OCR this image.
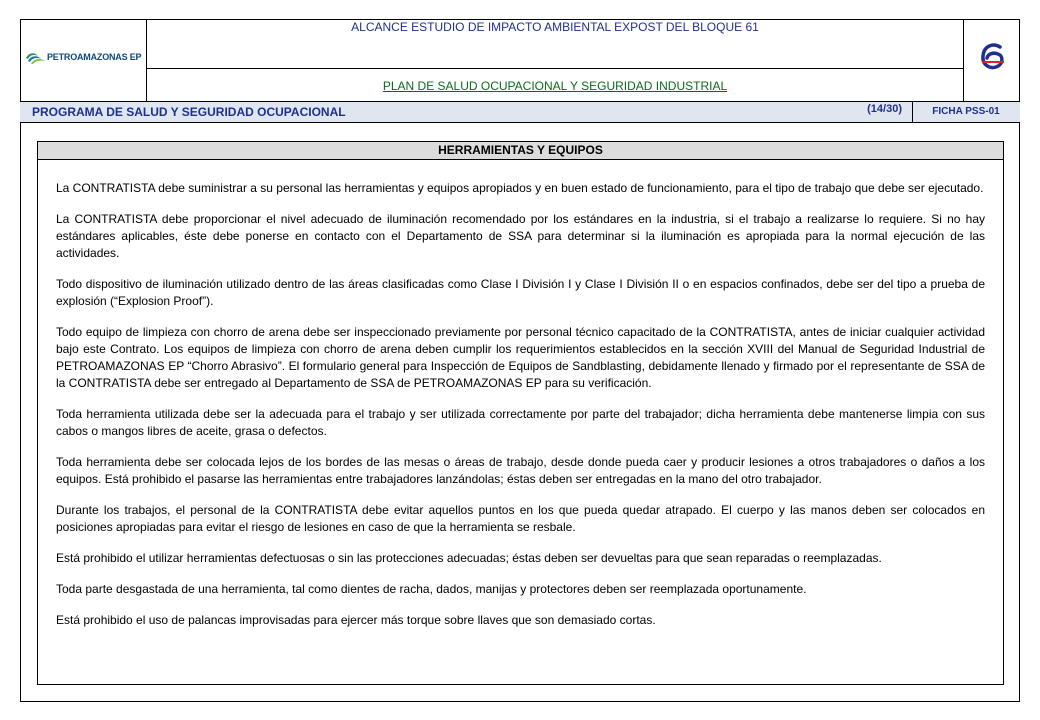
PETROAMAZONAS EP
ALCANCE ESTUDIO DE IMPACTO AMBIENTAL EXPOST DEL BLOQUE 61
PLAN DE SALUD OCUPACIONAL Y SEGURIDAD INDUSTRIAL
PROGRAMA DE SALUD Y SEGURIDAD OCUPACIONAL	(14/30)	FICHA PSS-01
HERRAMIENTAS Y EQUIPOS

La CONTRATISTA debe suministrar a su personal las herramientas y equipos apropiados y en buen estado de funcionamiento, para el tipo de trabajo que debe ser ejecutado.

La CONTRATISTA debe proporcionar el nivel adecuado de iluminación recomendado por los estándares en la industria, si el trabajo a realizarse lo requiere. Si no hay estándares aplicables, éste debe ponerse en contacto con el Departamento de SSA para determinar si la iluminación es apropiada para la normal ejecución de las actividades.

Todo dispositivo de iluminación utilizado dentro de las áreas clasificadas como Clase I División I y Clase I División II o en espacios confinados, debe ser del tipo a prueba de explosión (“Explosion Proof”).

Todo equipo de limpieza con chorro de arena debe ser inspeccionado previamente por personal técnico capacitado de la CONTRATISTA, antes de iniciar cualquier actividad bajo este Contrato. Los equipos de limpieza con chorro de arena deben cumplir los requerimientos establecidos en la sección XVIII del Manual de Seguridad Industrial de PETROAMAZONAS EP “Chorro Abrasivo”. El formulario general para Inspección de Equipos de Sandblasting, debidamente llenado y firmado por el representante de SSA de la CONTRATISTA debe ser entregado al Departamento de SSA de PETROAMAZONAS EP para su verificación.

Toda herramienta utilizada debe ser la adecuada para el trabajo y ser utilizada correctamente por parte del trabajador; dicha herramienta debe mantenerse limpia con sus cabos o mangos libres de aceite, grasa o defectos.

Toda herramienta debe ser colocada lejos de los bordes de las mesas o áreas de trabajo, desde donde pueda caer y producir lesiones a otros trabajadores o daños a los equipos. Está prohibido el pasarse las herramientas entre trabajadores lanzándolas; éstas deben ser entregadas en la mano del otro trabajador.

Durante los trabajos, el personal de la CONTRATISTA debe evitar aquellos puntos en los que pueda quedar atrapado. El cuerpo y las manos deben ser colocados en posiciones apropiadas para evitar el riesgo de lesiones en caso de que la herramienta se resbale.

Está prohibido el utilizar herramientas defectuosas o sin las protecciones adecuadas; éstas deben ser devueltas para que sean reparadas o reemplazadas.

Toda parte desgastada de una herramienta, tal como dientes de racha, dados, manijas y protectores deben ser reemplazada oportunamente.

Está prohibido el uso de palancas improvisadas para ejercer más torque sobre llaves que son demasiado cortas.
